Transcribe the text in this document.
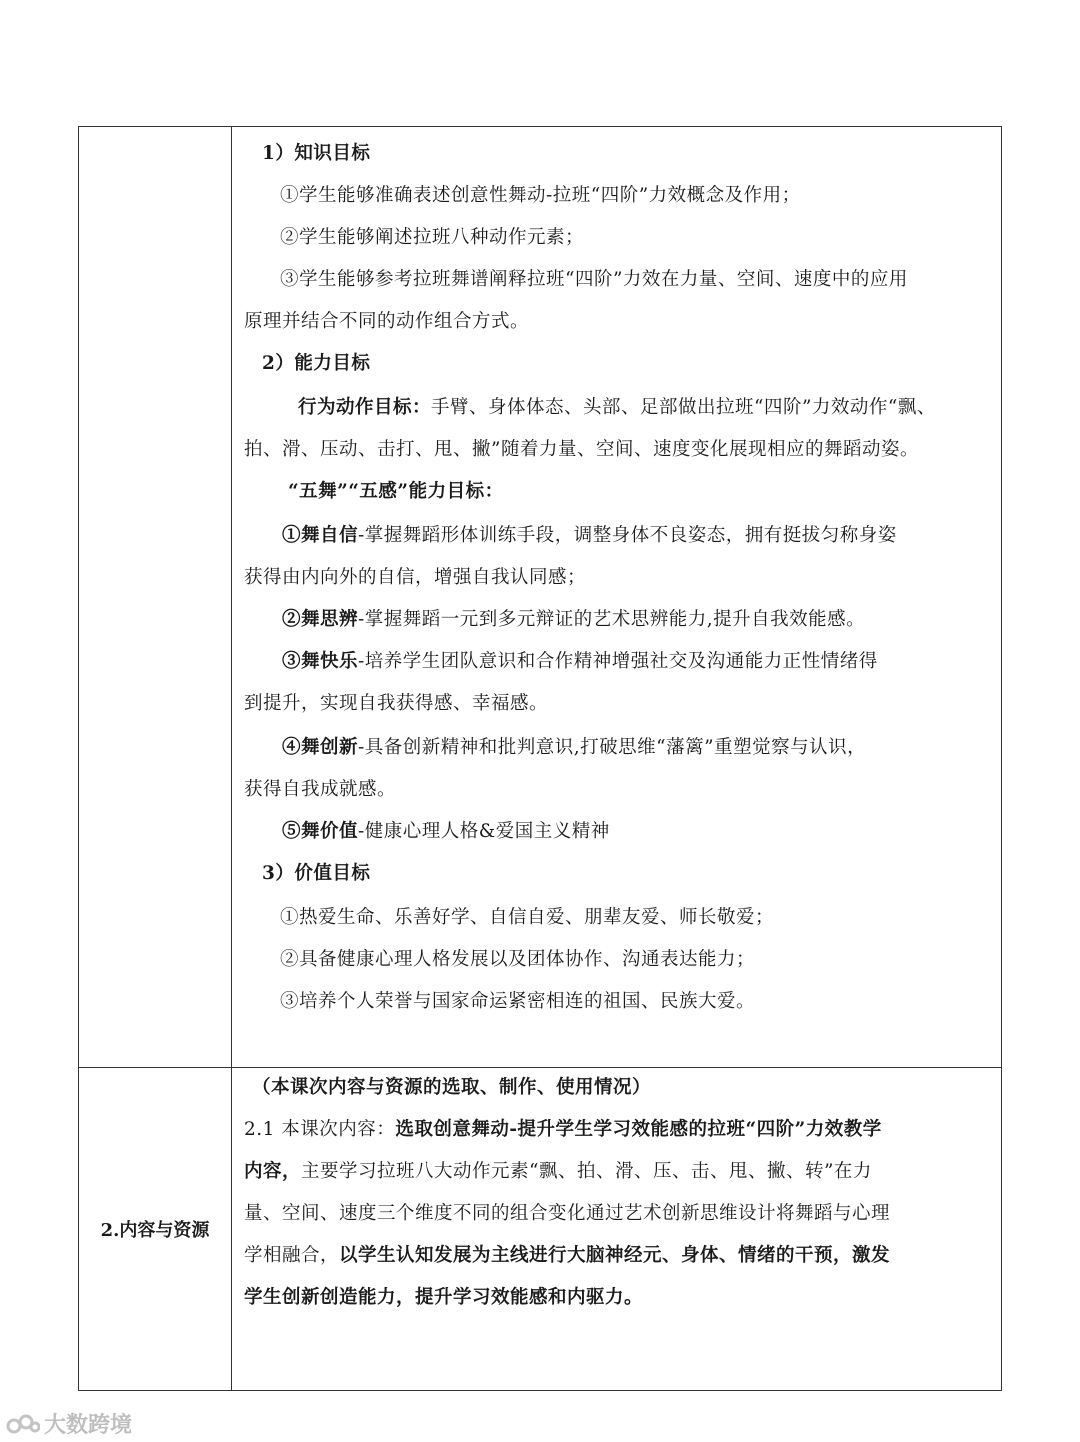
2.内容与资源
1）知识目标
①学生能够准确表述创意性舞动-拉班“四阶”力效概念及作用；
②学生能够阐述拉班八种动作元素；
③学生能够参考拉班舞谱阐释拉班“四阶”力效在力量、空间、速度中的应用
原理并结合不同的动作组合方式。
2）能力目标
行为动作目标：手臂、身体体态、头部、足部做出拉班“四阶”力效动作“飘、
拍、滑、压动、击打、甩、撇”随着力量、空间、速度变化展现相应的舞蹈动姿。
“五舞”“五感”能力目标：
①舞自信-掌握舞蹈形体训练手段，调整身体不良姿态，拥有挺拔匀称身姿
获得由内向外的自信，增强自我认同感；
②舞思辨-掌握舞蹈一元到多元辩证的艺术思辨能力,提升自我效能感。
③舞快乐-培养学生团队意识和合作精神增强社交及沟通能力正性情绪得
到提升，实现自我获得感、幸福感。
④舞创新-具备创新精神和批判意识,打破思维“藩篱”重塑觉察与认识，
获得自我成就感。
⑤舞价值-健康心理人格&爱国主义精神
3）价值目标
①热爱生命、乐善好学、自信自爱、朋辈友爱、师长敬爱；
②具备健康心理人格发展以及团体协作、沟通表达能力；
③培养个人荣誉与国家命运紧密相连的祖国、民族大爱。
（本课次内容与资源的选取、制作、使用情况）
2.1 本课次内容：选取创意舞动-提升学生学习效能感的拉班“四阶”力效教学
内容，主要学习拉班八大动作元素“飘、拍、滑、压、击、甩、撇、转”在力
量、空间、速度三个维度不同的组合变化通过艺术创新思维设计将舞蹈与心理
学相融合，以学生认知发展为主线进行大脑神经元、身体、情绪的干预，激发
学生创新创造能力，提升学习效能感和内驱力。
大数跨境
